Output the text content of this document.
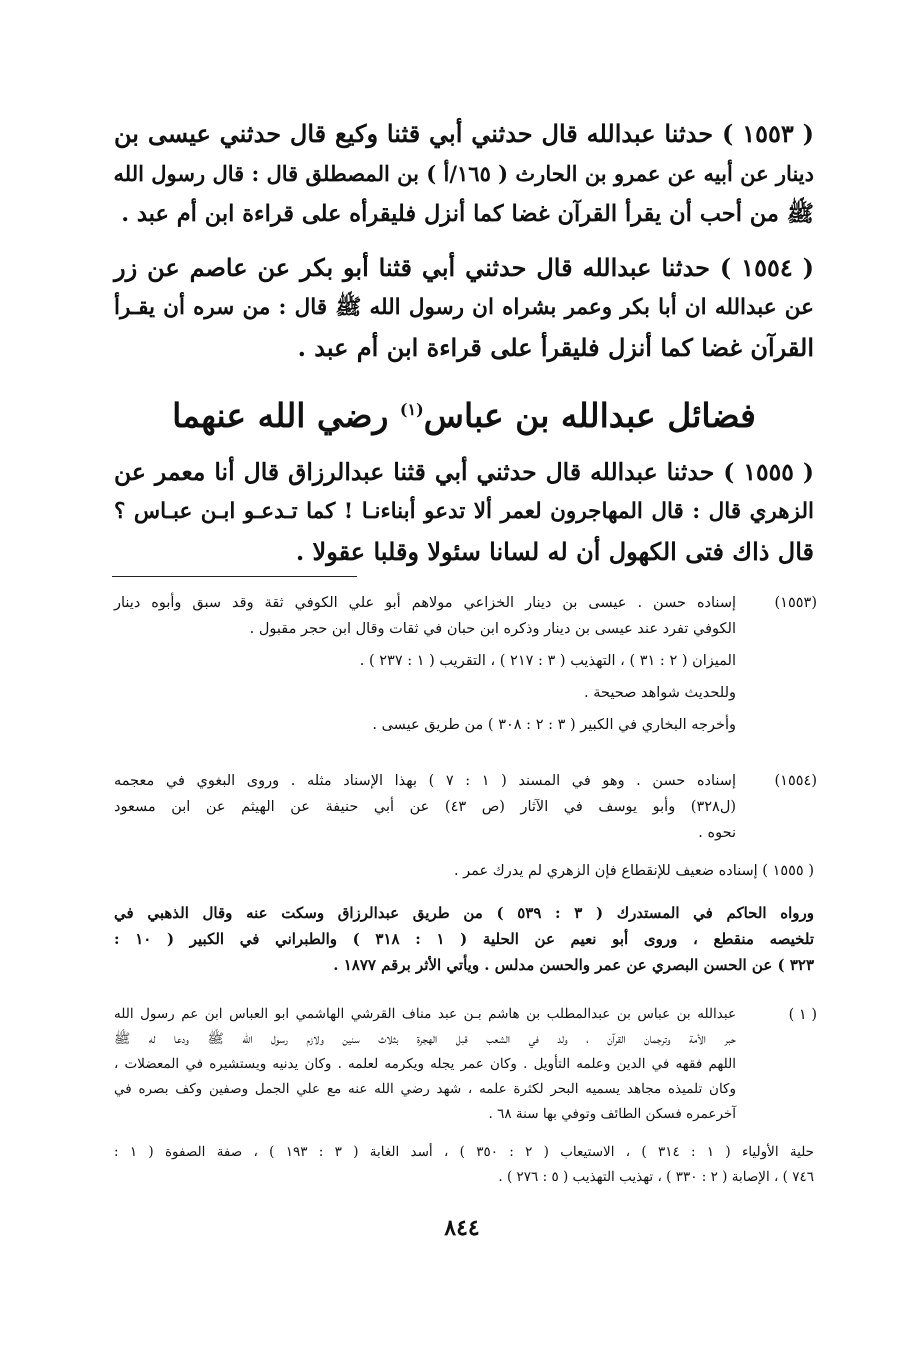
( ١٥٥٣ ) حدثنا عبدالله قال حدثني أبي قثنا وكيع قال حدثني عيسى بن
دينار عن أبيه عن عمرو بن الحارث ( ١٦٥/أ ) بن المصطلق قال : قال رسول الله
ﷺ من أحب أن يقرأ القرآن غضا كما أنزل فليقرأه على قراءة ابن أم عبد .
( ١٥٥٤ ) حدثنا عبدالله قال حدثني أبي قثنا أبو بكر عن عاصم عن زر
عن عبدالله ان أبا بكر وعمر بشراه ان رسول الله ﷺ قال : من سره أن يقـرأ
القرآن غضا كما أنزل فليقرأ على قراءة ابن أم عبد .
فضائل عبدالله بن عباس$^{(١)}$ رضي الله عنهما
( ١٥٥٥ ) حدثنا عبدالله قال حدثني أبي قثنا عبدالرزاق قال أنا معمر عن
الزهري قال : قال المهاجرون لعمر ألا تدعو أبناءنـا ! كما تـدعـو ابـن عبـاس ؟
قال ذاك فتى الكهول أن له لسانا سئولا وقلبا عقولا .
(١٥٥٣)
إسناده حسن . عيسى بن دينار الخزاعي مولاهم أبو علي الكوفي ثقة وقد سبق وأبوه دينار
الكوفي تفرد عند عيسى بن دينار وذكره ابن حبان في ثقات وقال ابن حجر مقبول .
الميزان ( ٢ : ٣١ ) ، التهذيب ( ٣ : ٢١٧ ) ، التقريب ( ١ : ٢٣٧ ) .
وللحديث شواهد صحيحة .
وأخرجه البخاري في الكبير ( ٣ : ٢ : ٣٠٨ ) من طريق عيسى .
(١٥٥٤)
إسناده حسن . وهو في المسند ( ١ : ٧ ) بهذا الإسناد مثله . وروى البغوي في معجمه
(ل٣٢٨) وأبو يوسف في الآثار (ص ٤٣) عن أبي حنيفة عن الهيثم عن ابن مسعود
نحوه .
( ١٥٥٥ ) إسناده ضعيف للإنقطاع فإن الزهري لم يدرك عمر .
ورواه الحاكم في المستدرك ( ٣ : ٥٣٩ ) من طريق عبدالرزاق وسكت عنه وقال الذهبي في
تلخيصه منقطع ، وروى أبو نعيم عن الحلية ( ١ : ٣١٨ ) والطبراني في الكبير ( ١٠ :
٣٢٣ ) عن الحسن البصري عن عمر والحسن مدلس . ويأتي الأثر برقم ١٨٧٧ .
( ١ )
عبدالله بن عباس بن عبدالمطلب بن هاشم بـن عبد مناف القرشي الهاشمي ابو العباس ابن عم رسول الله
حبر الأمة وترجمان القرآن ، ولد في الشعب قبل الهجرة بثلاث سنين ولازم رسول الله ﷺ ودعا له ﷺ
اللهم فقهه في الدين وعلمه التأويل . وكان عمر يجله ويكرمه لعلمه . وكان يدنيه ويستشيره في المعضلات ،
وكان تلميذه مجاهد يسميه البحر لكثرة علمه ، شهد رضي الله عنه مع علي الجمل وصفين وكف بصره في
آخرعمره فسكن الطائف وتوفي بها سنة ٦٨ .
حلية الأولياء ( ١ : ٣١٤ ) ، الاستيعاب ( ٢ : ٣٥٠ ) ، أسد الغابة ( ٣ : ١٩٣ ) ، صفة الصفوة ( ١ :
٧٤٦ ) ، الإصابة ( ٢ : ٣٣٠ ) ، تهذيب التهذيب ( ٥ : ٢٧٦ ) .
٨٤٤
